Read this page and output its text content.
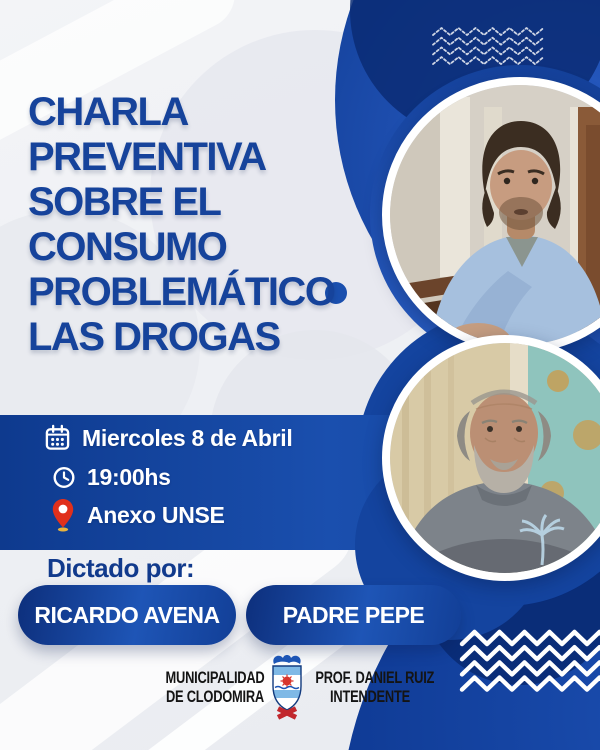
CHARLA
PREVENTIVA
SOBRE EL
CONSUMO
PROBLEMÁTICO
LAS DROGAS
Miercoles 8 de Abril
19:00hs
Anexo UNSE
Dictado por:
RICARDO AVENA	PADRE PEPE
MUNICIPALIDAD
DE CLODOMIRA
PROF. DANIEL RUIZ
INTENDENTE
